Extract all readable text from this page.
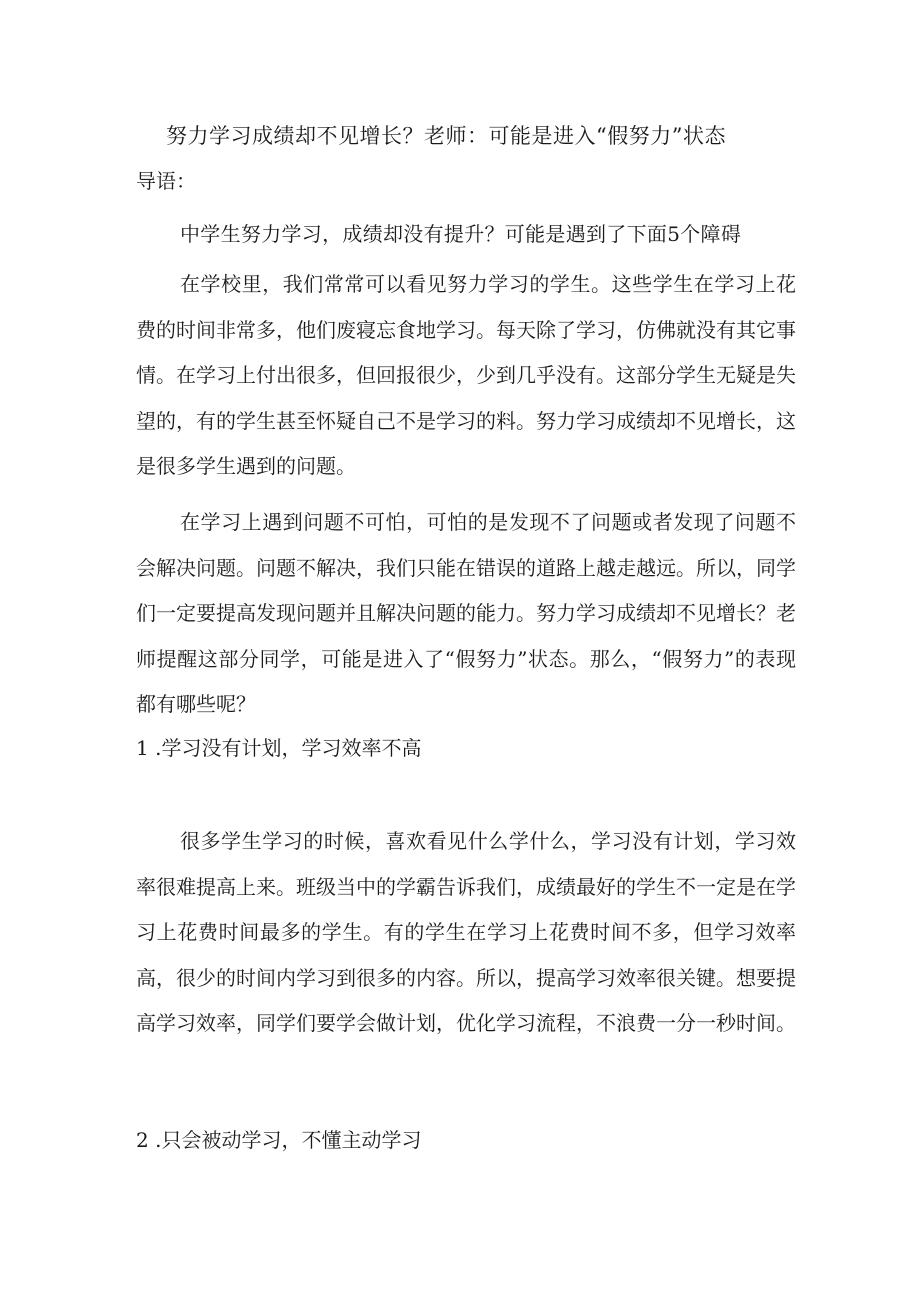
努力学习成绩却不见增长？老师：可能是进入“假努力”状态
导语：
中学生努力学习，成绩却没有提升？可能是遇到了下面5个障碍

在学校里，我们常常可以看见努力学习的学生。这些学生在学习上花费的时间非常多，他们废寝忘食地学习。每天除了学习，仿佛就没有其它事情。在学习上付出很多，但回报很少，少到几乎没有。这部分学生无疑是失望的，有的学生甚至怀疑自己不是学习的料。努力学习成绩却不见增长，这是很多学生遇到的问题。

在学习上遇到问题不可怕，可怕的是发现不了问题或者发现了问题不会解决问题。问题不解决，我们只能在错误的道路上越走越远。所以，同学们一定要提高发现问题并且解决问题的能力。努力学习成绩却不见增长？老师提醒这部分同学，可能是进入了“假努力”状态。那么，“假努力”的表现都有哪些呢？

1 .学习没有计划，学习效率不高

很多学生学习的时候，喜欢看见什么学什么，学习没有计划，学习效率很难提高上来。班级当中的学霸告诉我们，成绩最好的学生不一定是在学习上花费时间最多的学生。有的学生在学习上花费时间不多，但学习效率高，很少的时间内学习到很多的内容。所以，提高学习效率很关键。想要提高学习效率，同学们要学会做计划，优化学习流程，不浪费一分一秒时间。

2 .只会被动学习，不懂主动学习
